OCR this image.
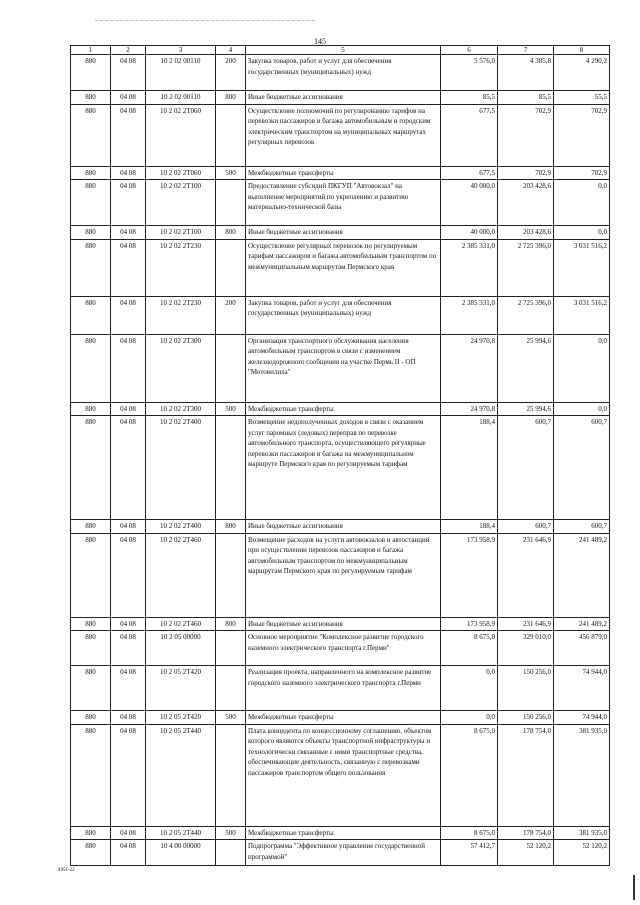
145
1	2	3	4	5	6	7	8
880	04 08	10 2 02 00110	200	Закупка товаров, работ и услуг для обеспечения государственных (муниципальных) нужд	5 576,0	4 385,8	4 290,2
880	04 08	10 2 02 00110	800	Иные бюджетные ассигнования	85,5	85,5	55,5
880	04 08	10 2 02 2Т060		Осуществление полномочий по регулированию тарифов на перевозки пассажиров и багажа автомобильным и городским электрическим транспортом на муниципальных маршрутах регулярных перевозок	677,5	702,9	702,9
880	04 08	10 2 02 2Т060	500	Межбюджетные трансферты	677,5	702,9	702,9
880	04 08	10 2 02 2Т100		Предоставление субсидий ПКГУП "Автовокзал" на выполнение мероприятий по укреплению и развитию материально-технической базы	40 000,0	203 428,6	0,0
880	04 08	10 2 02 2Т100	800	Иные бюджетные ассигнования	40 000,0	203 428,6	0,0
880	04 08	10 2 02 2Т230		Осуществление регулярных перевозок по регулируемым тарифам пассажиров и багажа автомобильным транспортом по межмуниципальным маршрутам Пермского края	2 385 331,0	2 725 396,0	3 031 516,2
880	04 08	10 2 02 2Т230	200	Закупка товаров, работ и услуг для обеспечения государственных (муниципальных) нужд	2 385 331,0	2 725 396,0	3 031 516,2
880	04 08	10 2 02 2Т300		Организация транспортного обслуживания населения автомобильным транспортом в связи с изменением железнодорожного сообщения на участке Пермь II - ОП "Мотовилиха"	24 970,8	25 994,6	0,0
880	04 08	10 2 02 2Т300	500	Межбюджетные трансферты	24 970,8	25 994,6	0,0
880	04 08	10 2 02 2Т400		Возмещение недополученных доходов в связи с оказанием услуг паромных (ледовых) переправ по перевозке автомобильного транспорта, осуществляющего регулярные перевозки пассажиров и багажа на межмуниципальном маршруте Пермского края по регулируемым тарифам	188,4	600,7	600,7
880	04 08	10 2 02 2Т400	800	Иные бюджетные ассигнования	188,4	600,7	600,7
880	04 08	10 2 02 2Т460		Возмещение расходов на услуги автовокзалов и автостанций при осуществлении перевозок пассажиров и багажа автомобильным транспортом по межмуниципальным маршрутам Пермского края по регулируемым тарифам	173 958,9	231 646,9	241 489,2
880	04 08	10 2 02 2Т460	800	Иные бюджетные ассигнования	173 958,9	231 646,9	241 489,2
880	04 08	10 2 05 00000		Основное мероприятие "Комплексное развитие городского наземного электрического транспорта г.Перми"	8 675,0	329 010,0	456 879,0
880	04 08	10 2 05 2Т420		Реализация проекта, направленного на комплексное развитие городского наземного электрического транспорта г.Перми	0,0	150 256,0	74 944,0
880	04 08	10 2 05 2Т420	500	Межбюджетные трансферты	0,0	150 256,0	74 944,0
880	04 08	10 2 05 2Т440		Плата концедента по концессионному соглашению, объектом которого являются объекты транспортной инфраструктуры и технологически связанные с ними транспортные средства, обеспечивающие деятельность, связанную с перевозками пассажиров транспортом общего пользования	8 675,0	178 754,0	381 935,0
880	04 08	10 2 05 2Т440	500	Межбюджетные трансферты	8 675,0	178 754,0	381 935,0
880	04 08	10 4 00 00000		Подпрограмма "Эффективное управление государственной программой"	57 412,7	52 120,2	52 120,2
4951-22
